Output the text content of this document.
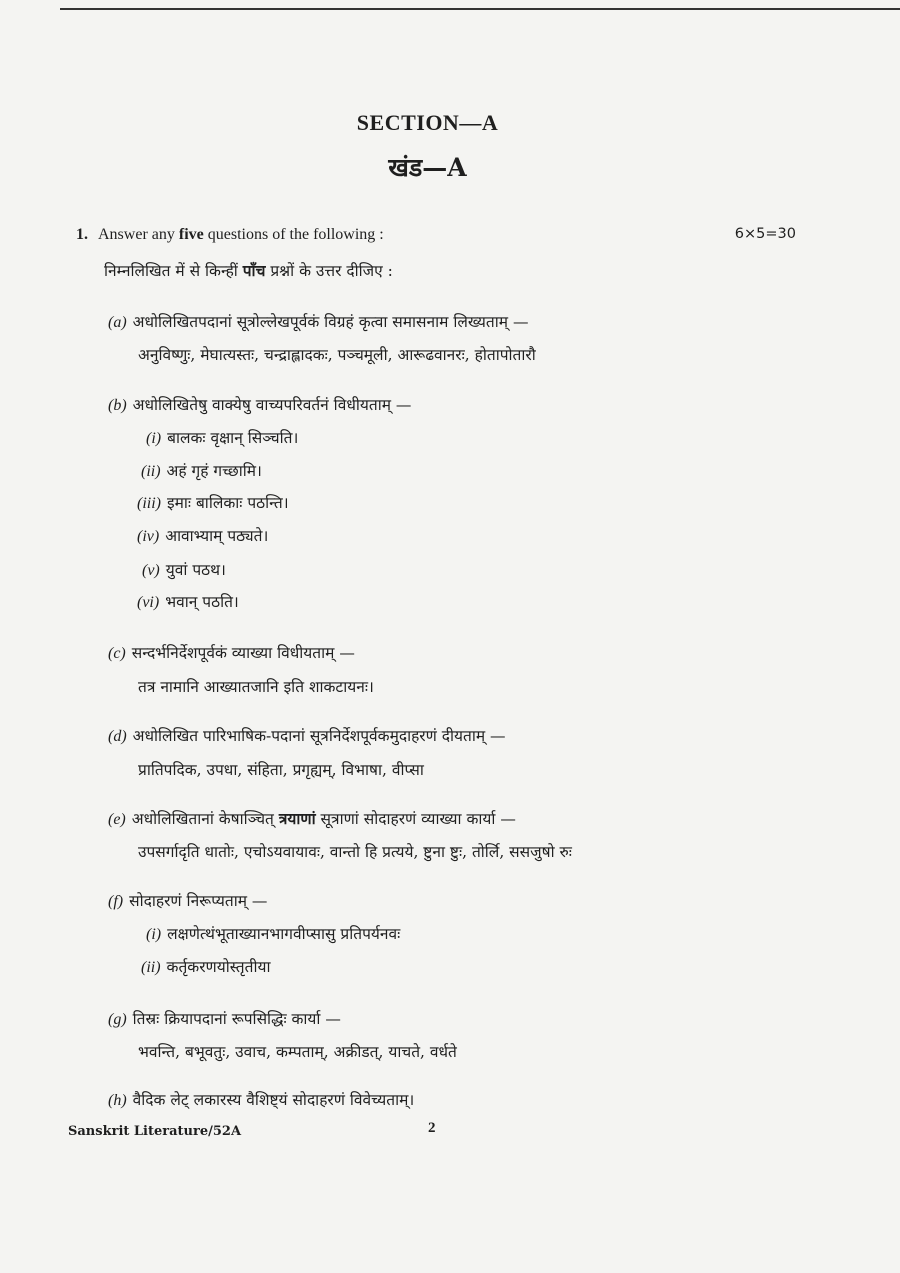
SECTION—A
खंड—A
1. Answer any five questions of the following :	6×5=30
निम्नलिखित में से किन्हीं पाँच प्रश्नों के उत्तर दीजिए :
(a) अधोलिखितपदानां सूत्रोल्लेखपूर्वकं विग्रहं कृत्वा समासनाम लिख्यताम् —
अनुविष्णुः, मेघात्यस्तः, चन्द्राह्लादकः, पञ्चमूली, आरूढवानरः, होतापोतारौ
(b) अधोलिखितेषु वाक्येषु वाच्यपरिवर्तनं विधीयताम् —
(i) बालकः वृक्षान् सिञ्चति।
(ii) अहं गृहं गच्छामि।
(iii) इमाः बालिकाः पठन्ति।
(iv) आवाभ्याम् पठ्यते।
(v) युवां पठथ।
(vi) भवान् पठति।
(c) सन्दर्भनिर्देशपूर्वकं व्याख्या विधीयताम् —
तत्र नामानि आख्यातजानि इति शाकटायनः।
(d) अधोलिखित पारिभाषिक-पदानां सूत्रनिर्देशपूर्वकमुदाहरणं दीयताम् —
प्रातिपदिक, उपधा, संहिता, प्रगृह्यम्, विभाषा, वीप्सा
(e) अधोलिखितानां केषाञ्चित् त्रयाणां सूत्राणां सोदाहरणं व्याख्या कार्या —
उपसर्गादृति धातोः, एचोऽयवायावः, वान्तो हि प्रत्यये, ष्टुना ष्टुः, तोर्लि, ससजुषो रुः
(f) सोदाहरणं निरूप्यताम् —
(i) लक्षणेत्थंभूताख्यानभागवीप्सासु प्रतिपर्यनवः
(ii) कर्तृकरणयोस्तृतीया
(g) तिस्रः क्रियापदानां रूपसिद्धिः कार्या —
भवन्ति, बभूवतुः, उवाच, कम्पताम्, अक्रीडत्, याचते, वर्धते
(h) वैदिक लेट् लकारस्य वैशिष्ट्यं सोदाहरणं विवेच्यताम्।
Sanskrit Literature/52A	2
